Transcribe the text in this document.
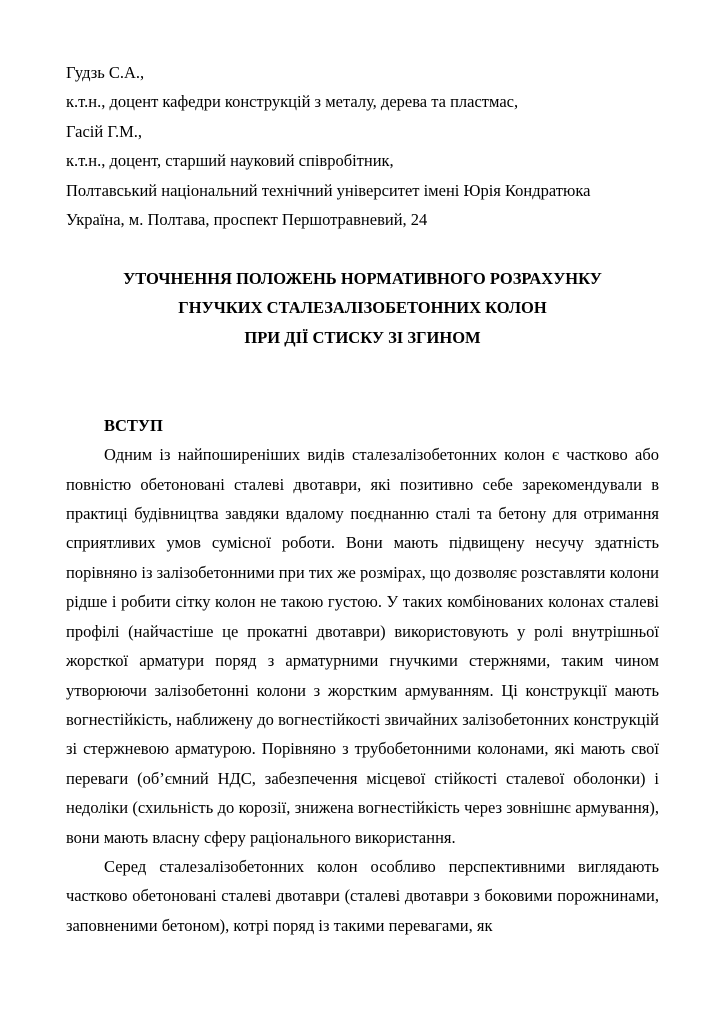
Гудзь С.А.,
к.т.н., доцент кафедри конструкцій з металу, дерева та пластмас,
Гасій Г.М.,
к.т.н., доцент, старший науковий співробітник,
Полтавський національний технічний університет імені Юрія Кондратюка
Україна, м. Полтава, проспект Першотравневий, 24
УТОЧНЕННЯ ПОЛОЖЕНЬ НОРМАТИВНОГО РОЗРАХУНКУ
ГНУЧКИХ СТАЛЕЗАЛІЗОБЕТОННИХ КОЛОН
ПРИ ДІЇ СТИСКУ ЗІ ЗГИНОМ
ВСТУП

Одним із найпоширеніших видів сталезалізобетонних колон є частково або повністю обетоновані сталеві двотаври, які позитивно себе зарекомендували в практиці будівництва завдяки вдалому поєднанню сталі та бетону для отримання сприятливих умов сумісної роботи. Вони мають підвищену несучу здатність порівняно із залізобетонними при тих же розмірах, що дозволяє розставляти колони рідше і робити сітку колон не такою густою. У таких комбінованих колонах сталеві профілі (найчастіше це прокатні двотаври) використовують у ролі внутрішньої жорсткої арматури поряд з арматурними гнучкими стержнями, таким чином утворюючи залізобетонні колони з жорстким армуванням. Ці конструкції мають вогнестійкість, наближену до вогнестійкості звичайних залізобетонних конструкцій зі стержневою арматурою. Порівняно з трубобетонними колонами, які мають свої переваги (об’ємний НДС, забезпечення місцевої стійкості сталевої оболонки) і недоліки (схильність до корозії, знижена вогнестійкість через зовнішнє армування), вони мають власну сферу раціонального використання.

Серед сталезалізобетонних колон особливо перспективними виглядають частково обетоновані сталеві двотаври (сталеві двотаври з боковими порожнинами, заповненими бетоном), котрі поряд із такими перевагами, як
